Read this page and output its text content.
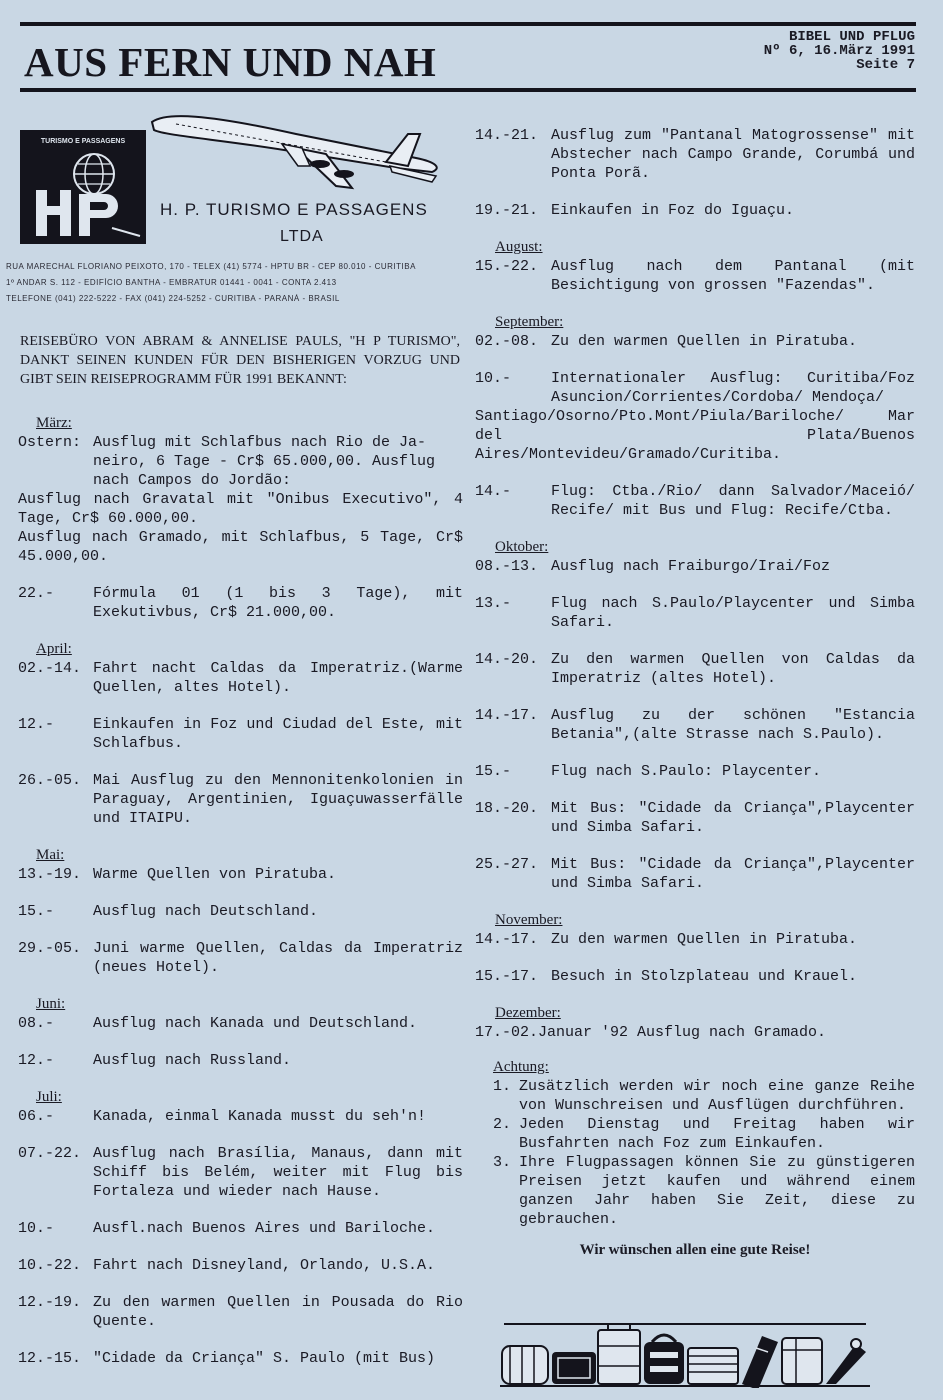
AUS FERN UND NAH
BIBEL UND PFLUG
Nº 6, 16.März 1991
Seite 7
TURISMO E PASSAGENS
H. P. TURISMO E PASSAGENS
LTDA
RUA MARECHAL FLORIANO PEIXOTO, 170 - TELEX (41) 5774 - HPTU BR - CEP 80.010 - CURITIBA
1º ANDAR S. 112 - EDIFÍCIO BANTHA - EMBRATUR 01441 - 0041 - CONTA 2.413
TELEFONE (041) 222-5222 - FAX (041) 224-5252 - CURITIBA - PARANÁ - BRASIL
REISEBÜRO VON ABRAM & ANNELISE PAULS, "H P TURISMO", DANKT SEINEN KUNDEN FÜR DEN BISHERIGEN VORZUG UND GIBT SEIN REISEPROGRAMM FÜR 1991 BEKANNT:
März:
Ostern: Ausflug mit Schlafbus nach Rio de Ja-
neiro, 6 Tage - Cr$ 65.000,00. Ausflug nach Campos do Jordão:
Ausflug nach Gravatal mit "Onibus Executivo", 4 Tage, Cr$ 60.000,00.
Ausflug nach Gramado, mit Schlafbus, 5 Tage, Cr$ 45.000,00.
22.-	Fórmula 01 (1 bis 3 Tage), mit Exekutivbus, Cr$ 21.000,00.
April:
02.-14. Fahrt nacht Caldas da Imperatriz.(Warme Quellen, altes Hotel).
12.-	Einkaufen in Foz und Ciudad del Este, mit Schlafbus.
26.-05. Mai Ausflug zu den Mennonitenkolonien in Paraguay, Argentinien, Iguaçuwasserfälle und ITAIPU.
Mai:
13.-19. Warme Quellen von Piratuba.
15.-	Ausflug nach Deutschland.
29.-05. Juni warme Quellen, Caldas da Imperatriz (neues Hotel).
Juni:
08.-	Ausflug nach Kanada und Deutschland.
12.-	Ausflug nach Russland.
Juli:
06.-	Kanada, einmal Kanada musst du seh'n!
07.-22. Ausflug nach Brasília, Manaus, dann mit Schiff bis Belém, weiter mit Flug bis Fortaleza und wieder nach Hause.
10.-	Ausfl.nach Buenos Aires und Bariloche.
10.-22. Fahrt nach Disneyland, Orlando, U.S.A.
12.-19. Zu den warmen Quellen in Pousada do Rio Quente.
12.-15. "Cidade da Criança" S. Paulo (mit Bus)
14.-21. Ausflug zum "Pantanal Matogrossense" mit Abstecher nach Campo Grande, Corumbá und Ponta Porã.
19.-21. Einkaufen in Foz do Iguaçu.
August:
15.-22. Ausflug nach dem Pantanal (mit Besichtigung von grossen "Fazendas".
September:
02.-08. Zu den warmen Quellen in Piratuba.
10.-	Internationaler Ausflug: Curitiba/Foz Asuncion/Corrientes/Cordoba/ Mendoça/
Santiago/Osorno/Pto.Mont/Piula/Bariloche/ Mar del Plata/Buenos Aires/Montevideu/Gramado/Curitiba.
14.-	Flug: Ctba./Rio/ dann Salvador/Maceió/ Recife/ mit Bus und Flug: Recife/Ctba.
Oktober:
08.-13. Ausflug nach Fraiburgo/Irai/Foz
13.-	Flug nach S.Paulo/Playcenter und Simba Safari.
14.-20. Zu den warmen Quellen von Caldas da Imperatriz (altes Hotel).
14.-17. Ausflug zu der schönen "Estancia Betania",(alte Strasse nach S.Paulo).
15.-	Flug nach S.Paulo: Playcenter.
18.-20. Mit Bus: "Cidade da Criança",Playcenter und Simba Safari.
25.-27. Mit Bus: "Cidade da Criança",Playcenter und Simba Safari.
November:
14.-17. Zu den warmen Quellen in Piratuba.
15.-17. Besuch in Stolzplateau und Krauel.
Dezember:
17.-02.Januar '92 Ausflug nach Gramado.
Achtung:
1. Zusätzlich werden wir noch eine ganze Reihe von Wunschreisen und Ausflügen durchführen.
2. Jeden Dienstag und Freitag haben wir Busfahrten nach Foz zum Einkaufen.
3. Ihre Flugpassagen können Sie zu günstigeren Preisen jetzt kaufen und während einem ganzen Jahr haben Sie Zeit, diese zu gebrauchen.
Wir wünschen allen eine gute Reise!
